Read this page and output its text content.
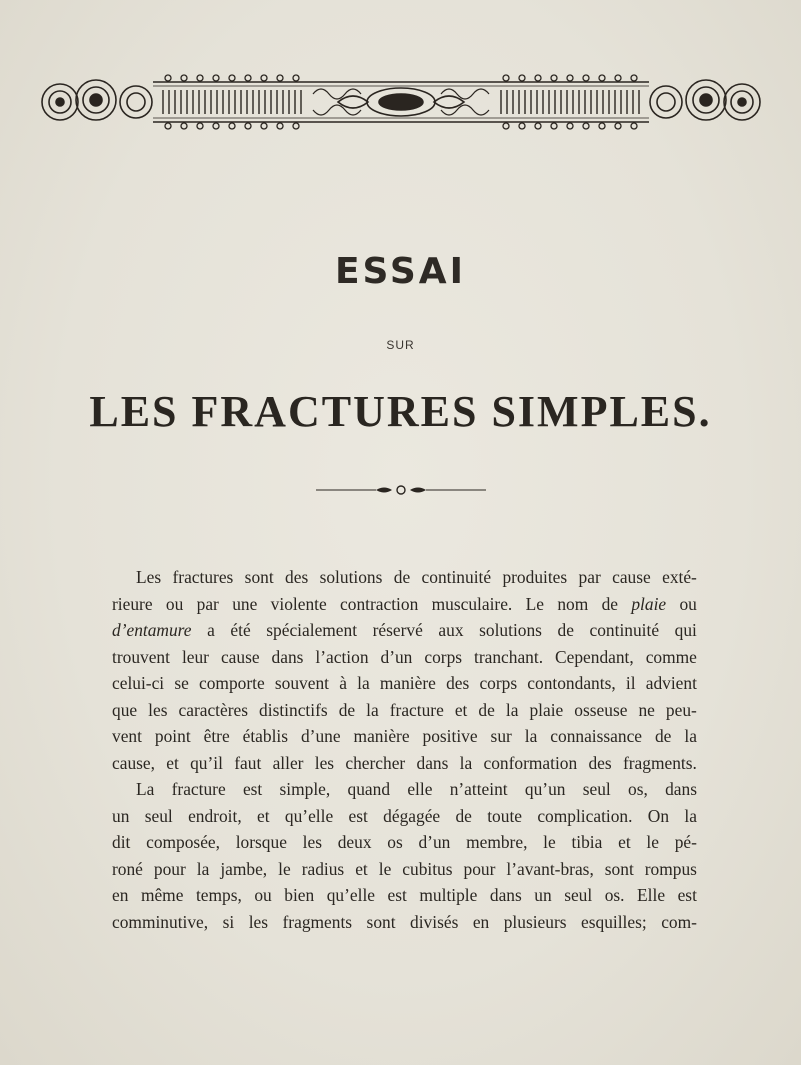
ESSAI
SUR
LES FRACTURES SIMPLES.
Les fractures sont des solutions de continuité produites par cause exté-
rieure ou par une violente contraction musculaire. Le nom de plaie ou
d’entamure a été spécialement réservé aux solutions de continuité qui
trouvent leur cause dans l’action d’un corps tranchant. Cependant, comme
celui-ci se comporte souvent à la manière des corps contondants, il advient
que les caractères distinctifs de la fracture et de la plaie osseuse ne peu-
vent point être établis d’une manière positive sur la connaissance de la
cause, et qu’il faut aller les chercher dans la conformation des fragments.
La fracture est simple, quand elle n’atteint qu’un seul os, dans
un seul endroit, et qu’elle est dégagée de toute complication. On la
dit composée, lorsque les deux os d’un membre, le tibia et le pé-
roné pour la jambe, le radius et le cubitus pour l’avant-bras, sont rompus
en même temps, ou bien qu’elle est multiple dans un seul os. Elle est
comminutive, si les fragments sont divisés en plusieurs esquilles; com-
